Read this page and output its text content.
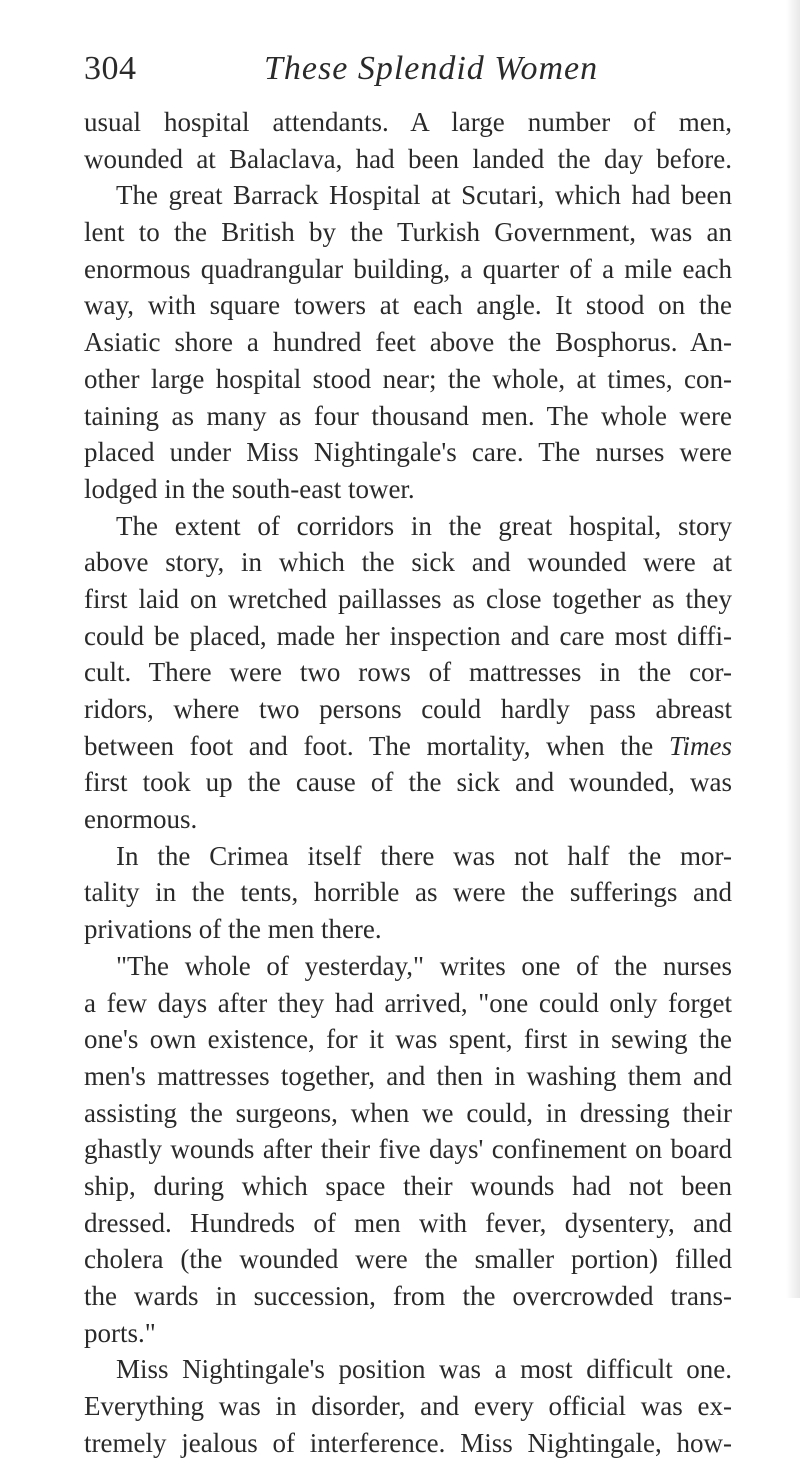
304	These Splendid Women
usual hospital attendants. A large number of men,
wounded at Balaclava, had been landed the day before.
The great Barrack Hospital at Scutari, which had been
lent to the British by the Turkish Government, was an
enormous quadrangular building, a quarter of a mile each
way, with square towers at each angle. It stood on the
Asiatic shore a hundred feet above the Bosphorus. An-
other large hospital stood near; the whole, at times, con-
taining as many as four thousand men. The whole were
placed under Miss Nightingale's care. The nurses were
lodged in the south-east tower.
The extent of corridors in the great hospital, story
above story, in which the sick and wounded were at
first laid on wretched paillasses as close together as they
could be placed, made her inspection and care most diffi-
cult. There were two rows of mattresses in the cor-
ridors, where two persons could hardly pass abreast
between foot and foot. The mortality, when the Times
first took up the cause of the sick and wounded, was
enormous.
In the Crimea itself there was not half the mor-
tality in the tents, horrible as were the sufferings and
privations of the men there.
"The whole of yesterday," writes one of the nurses
a few days after they had arrived, "one could only forget
one's own existence, for it was spent, first in sewing the
men's mattresses together, and then in washing them and
assisting the surgeons, when we could, in dressing their
ghastly wounds after their five days' confinement on board
ship, during which space their wounds had not been
dressed. Hundreds of men with fever, dysentery, and
cholera (the wounded were the smaller portion) filled
the wards in succession, from the overcrowded trans-
ports."
Miss Nightingale's position was a most difficult one.
Everything was in disorder, and every official was ex-
tremely jealous of interference. Miss Nightingale, how-
